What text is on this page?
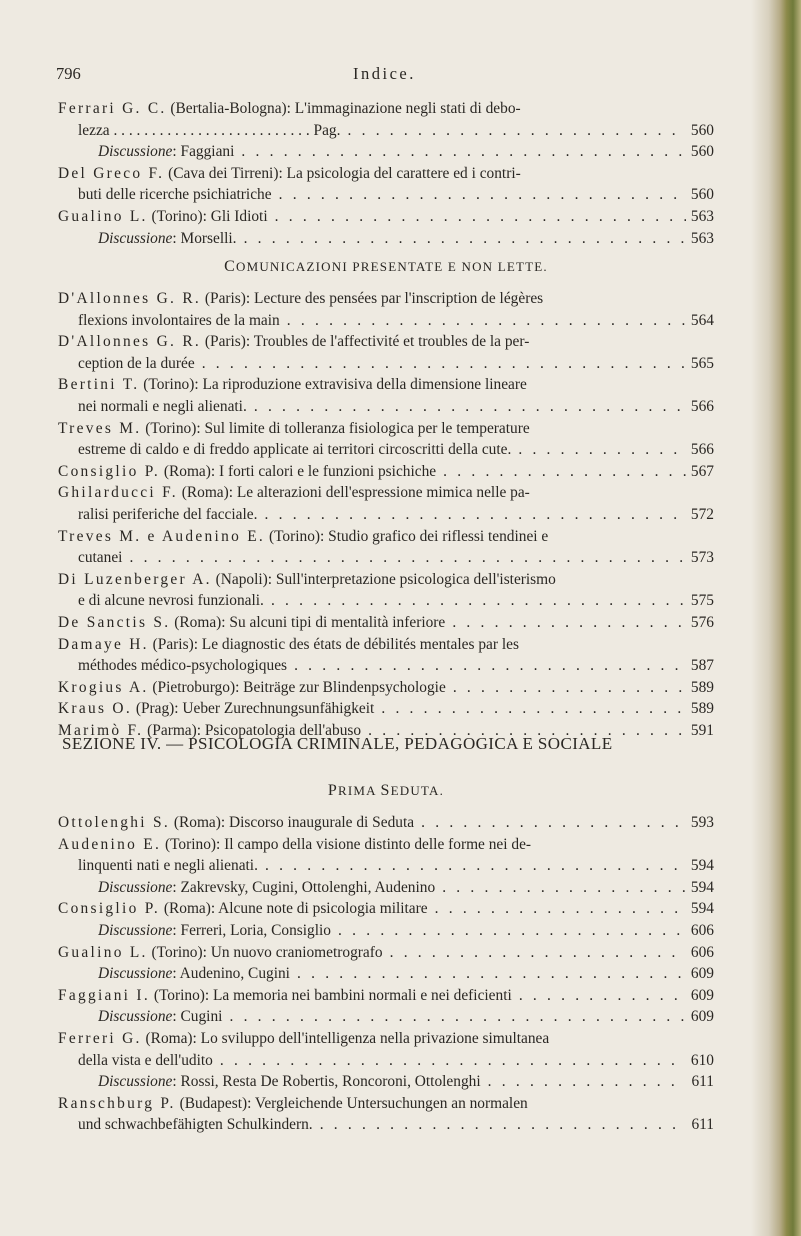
796	Indice.
Ferrari G. C. (Bertalia-Bologna): L'immaginazione negli stati di debo-
lezza . . . . . . . . . . . . . . . . . . . . . . . . . . Pag. . . .	560
Discussione: Faggiani . . .	560
Del Greco F. (Cava dei Tirreni): La psicologia del carattere ed i contri-
buti delle ricerche psichiatriche . . .	560
Gualino L. (Torino): Gli Idioti . . .	563
Discussione: Morselli. . . .	563
COMUNICAZIONI PRESENTATE E NON LETTE.
D'Allonnes G. R. (Paris): Lecture des pensées par l'inscription de légères
flexions involontaires de la main . . .	564
D'Allonnes G. R. (Paris): Troubles de l'affectivité et troubles de la per-
ception de la durée . . .	565
Bertini T. (Torino): La riproduzione extravisiva della dimensione lineare
nei normali e negli alienati. . . .	566
Treves M. (Torino): Sul limite di tolleranza fisiologica per le temperature
estreme di caldo e di freddo applicate ai territori circoscritti della cute. . . .	566
Consiglio P. (Roma): I forti calori e le funzioni psichiche . . .	567
Ghilarducci F. (Roma): Le alterazioni dell'espressione mimica nelle pa-
ralisi periferiche del facciale. . . .	572
Treves M. e Audenino E. (Torino): Studio grafico dei riflessi tendinei e
cutanei . . .	573
Di Luzenberger A. (Napoli): Sull'interpretazione psicologica dell'isterismo
e di alcune nevrosi funzionali. . . .	575
De Sanctis S. (Roma): Su alcuni tipi di mentalità inferiore . . .	576
Damaye H. (Paris): Le diagnostic des états de débilités mentales par les
méthodes médico-psychologiques . . .	587
Krogius A. (Pietroburgo): Beiträge zur Blindenpsychologie . . .	589
Kraus O. (Prag): Ueber Zurechnungsunfähigkeit . . .	589
Marimò F. (Parma): Psicopatologia dell'abuso . . .	591
SEZIONE IV. — PSICOLOGIA CRIMINALE, PEDAGOGICA E SOCIALE
PRIMA SEDUTA.
Ottolenghi S. (Roma): Discorso inaugurale di Seduta . . .	593
Audenino E. (Torino): Il campo della visione distinto delle forme nei de-
linquenti nati e negli alienati. . . .	594
Discussione: Zakrevsky, Cugini, Ottolenghi, Audenino . . .	594
Consiglio P. (Roma): Alcune note di psicologia militare . . .	594
Discussione: Ferreri, Loria, Consiglio . . .	606
Gualino L. (Torino): Un nuovo craniometrografo . . .	606
Discussione: Audenino, Cugini . . .	609
Faggiani I. (Torino): La memoria nei bambini normali e nei deficienti . . .	609
Discussione: Cugini . . .	609
Ferreri G. (Roma): Lo sviluppo dell'intelligenza nella privazione simultanea
della vista e dell'udito . . .	610
Discussione: Rossi, Resta De Robertis, Roncoroni, Ottolenghi . . .	611
Ranschburg P. (Budapest): Vergleichende Untersuchungen an normalen
und schwachbefähigten Schulkindern. . . .	611
